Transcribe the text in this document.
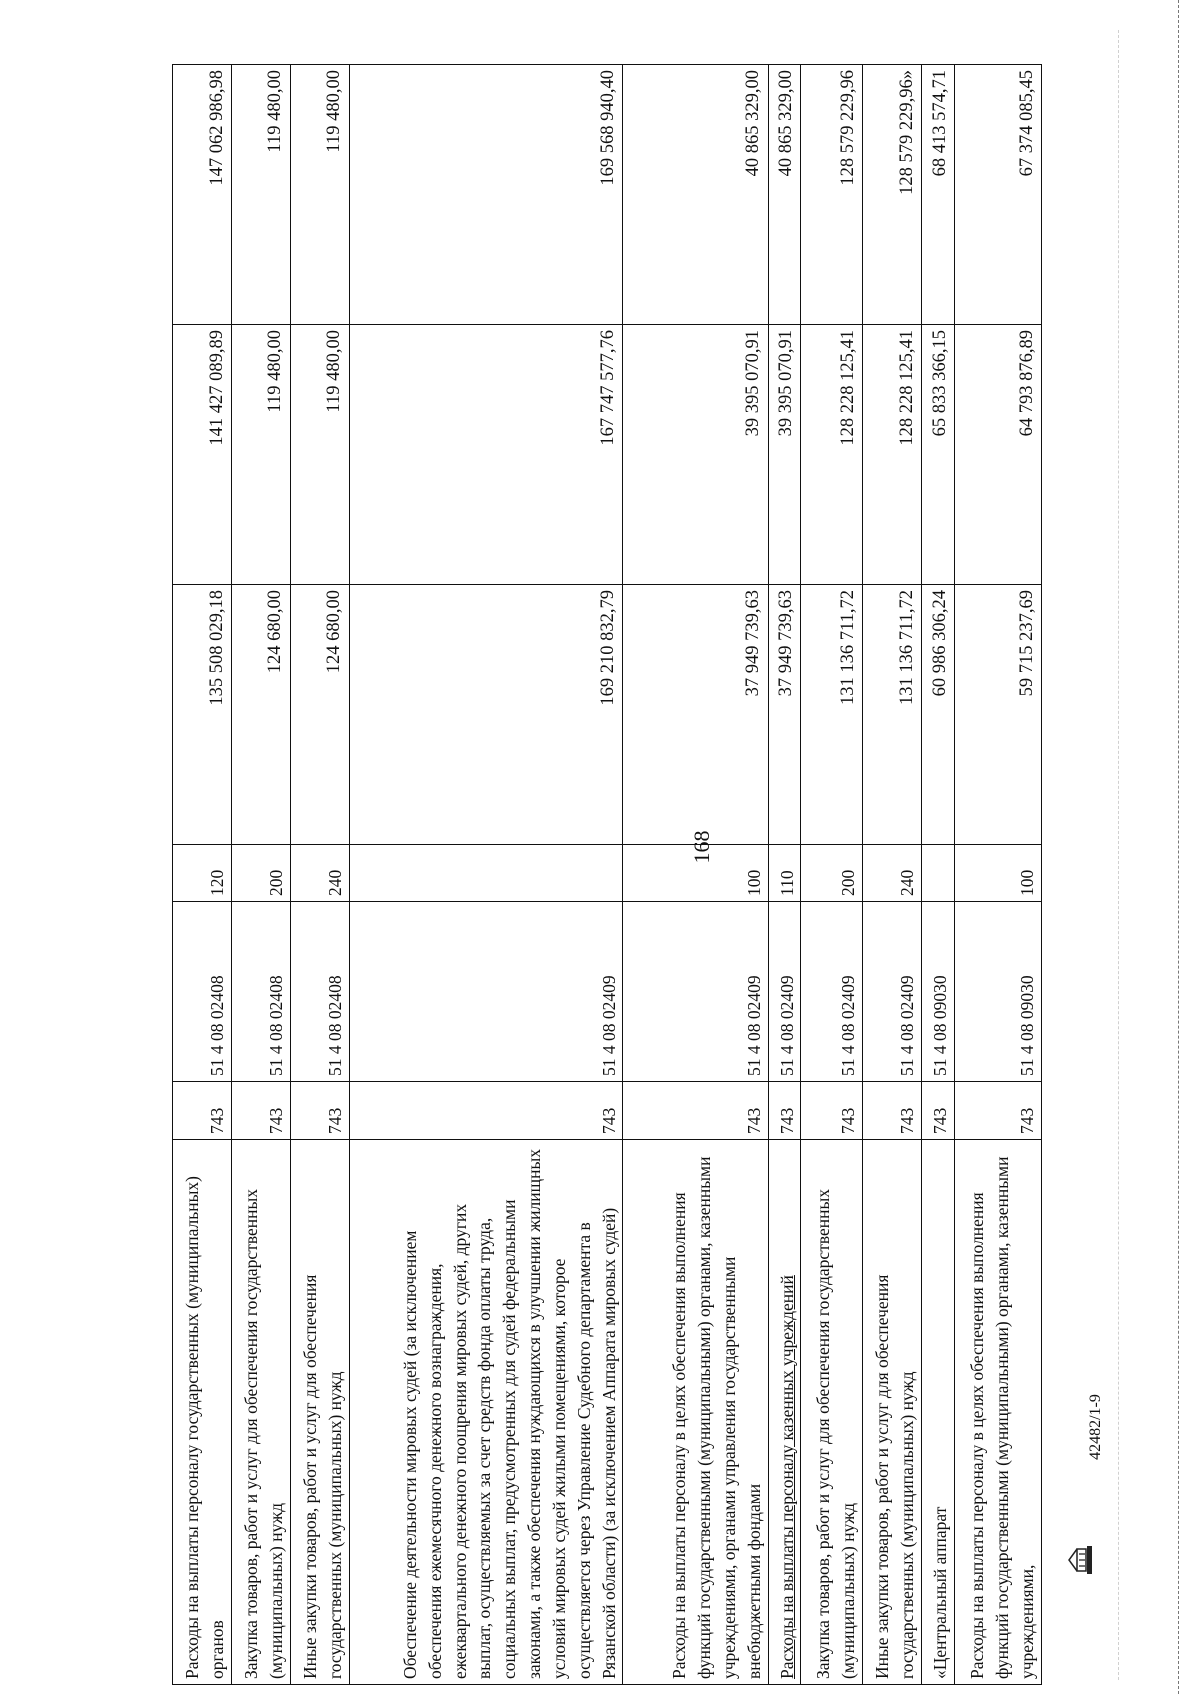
168
Расходы на выплаты персоналу государственных (муниципальных) органов	743	51 4 08 02408	120	135 508 029,18	141 427 089,89	147 062 986,98
Закупка товаров, работ и услуг для обеспечения государственных (муниципальных) нужд	743	51 4 08 02408	200	124 680,00	119 480,00	119 480,00
Иные закупки товаров, работ и услуг для обеспечения государственных (муниципальных) нужд	743	51 4 08 02408	240	124 680,00	119 480,00	119 480,00
Обеспечение деятельности мировых судей (за исключением обеспечения ежемесячного денежного вознаграждения, ежеквартального денежного поощрения мировых судей, других выплат, осуществляемых за счет средств фонда оплаты труда, социальных выплат, предусмотренных для судей федеральными законами, а также обеспечения нуждающихся в улучшении жилищных условий мировых судей жилыми помещениями, которое осуществляется через Управление Судебного департамента в Рязанской области) (за исключением Аппарата мировых судей)	743	51 4 08 02409		169 210 832,79	167 747 577,76	169 568 940,40
Расходы на выплаты персоналу в целях обеспечения выполнения функций государственными (муниципальными) органами, казенными учреждениями, органами управления государственными внебюджетными фондами	743	51 4 08 02409	100	37 949 739,63	39 395 070,91	40 865 329,00
Расходы на выплаты персоналу казенных учреждений	743	51 4 08 02409	110	37 949 739,63	39 395 070,91	40 865 329,00
Закупка товаров, работ и услуг для обеспечения государственных (муниципальных) нужд	743	51 4 08 02409	200	131 136 711,72	128 228 125,41	128 579 229,96
Иные закупки товаров, работ и услуг для обеспечения государственных (муниципальных) нужд	743	51 4 08 02409	240	131 136 711,72	128 228 125,41	128 579 229,96»
«Центральный аппарат	743	51 4 08 09030		60 986 306,24	65 833 366,15	68 413 574,71
Расходы на выплаты персоналу в целях обеспечения выполнения функций государственными (муниципальными) органами, казенными учреждениями,	743	51 4 08 09030	100	59 715 237,69	64 793 876,89	67 374 085,45
42482/1-9
